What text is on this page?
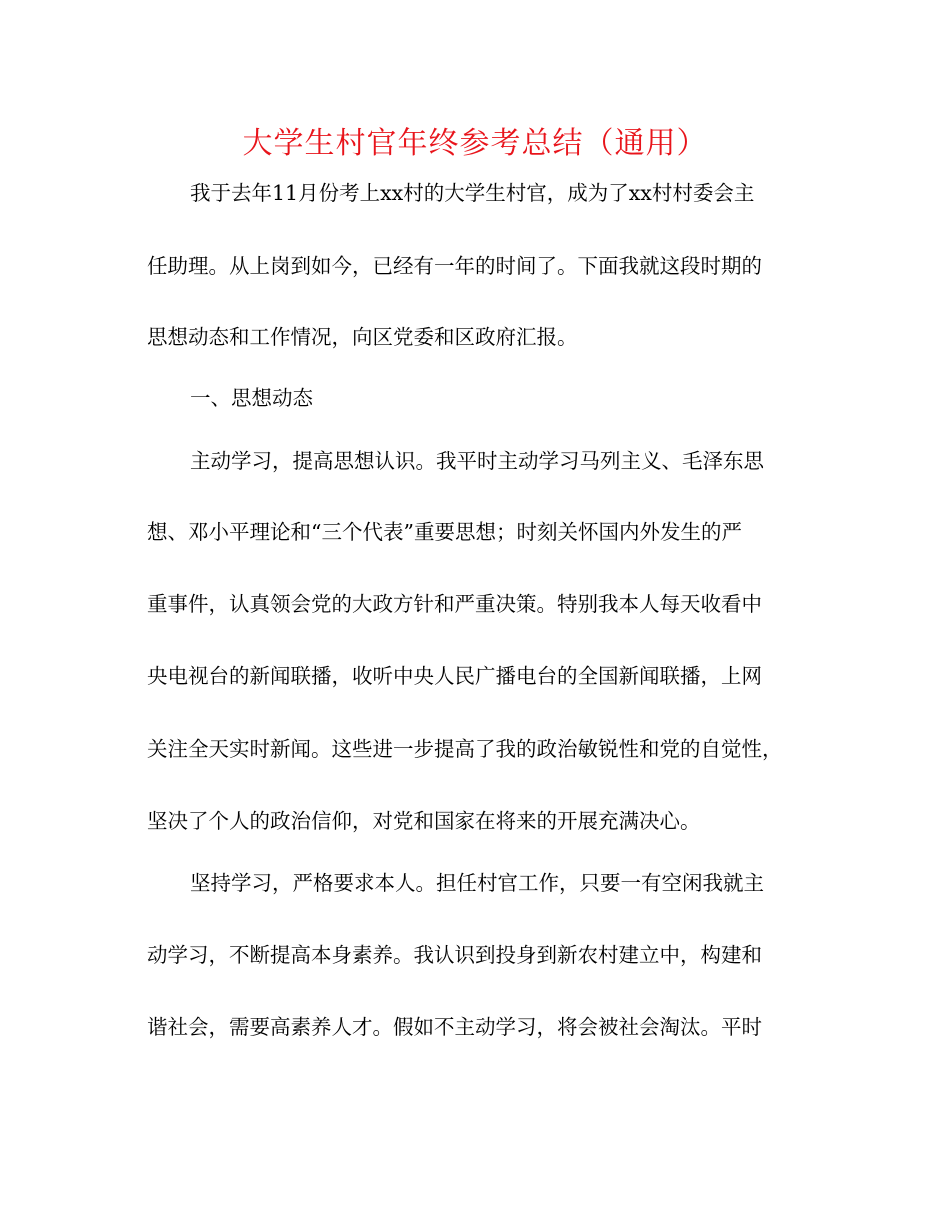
大学生村官年终参考总结（通用）

我于去年11月份考上xx村的大学生村官，成为了xx村村委会主

任助理。从上岗到如今，已经有一年的时间了。下面我就这段时期的

思想动态和工作情况，向区党委和区政府汇报。

一、思想动态

主动学习，提高思想认识。我平时主动学习马列主义、毛泽东思

想、邓小平理论和“三个代表”重要思想；时刻关怀国内外发生的严

重事件，认真领会党的大政方针和严重决策。特别我本人每天收看中

央电视台的新闻联播，收听中央人民广播电台的全国新闻联播，上网

关注全天实时新闻。这些进一步提高了我的政治敏锐性和党的自觉性，

坚决了个人的政治信仰，对党和国家在将来的开展充满决心。

坚持学习，严格要求本人。担任村官工作，只要一有空闲我就主

动学习，不断提高本身素养。我认识到投身到新农村建立中，构建和

谐社会，需要高素养人才。假如不主动学习，将会被社会淘汰。平时
